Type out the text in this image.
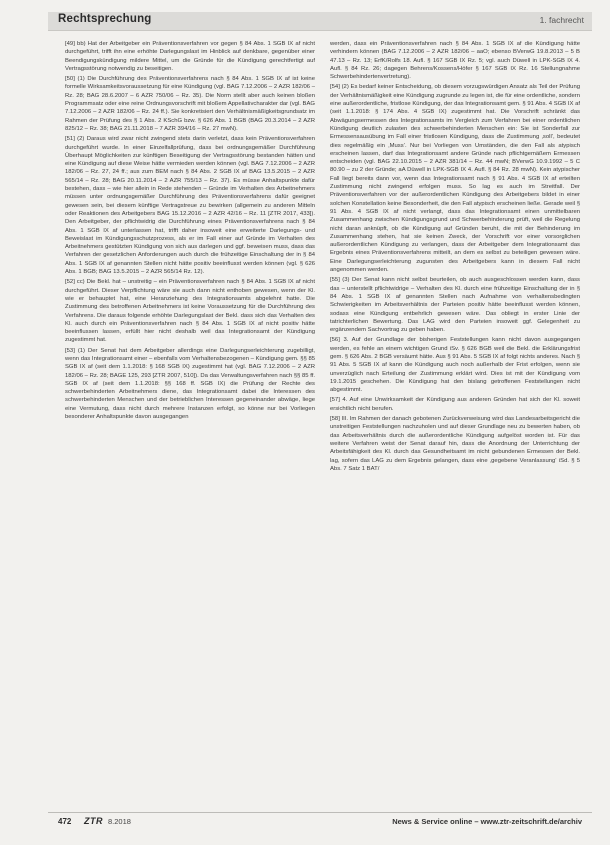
Rechtsprechung	1. fachrecht

[49] bb) Hat der Arbeitgeber ein Präventionsverfahren vor gegen § 84 Abs. 1 SGB IX af nicht durchgeführt, trifft ihn eine erhöhte Darlegungslast im Hinblick auf denkbare, gegenüber einer Beendigungskündigung mildere Mittel, um die Gründe für die Kündigung gerechtfertigt auf Vertragsstörung notwendig zu beseitigen.

[50] (1) Die Durchführung des Präventionsverfahrens nach § 84 Abs. 1 SGB IX af ist keine formelle Wirksamkeitsvoraussetzung für eine Kündigung (vgl. BAG 7.12.2006 – 2 AZR 182/06 – Rz. 28; BAG 28.6.2007 – 6 AZR 750/06 – Rz. 35). Die Norm stellt aber auch keinen bloßen Programmsatz oder eine reine Ordnungsvorschrift mit bloßem Appellativcharakter dar (vgl. BAG 7.12.2006 – 2 AZR 182/06 – Rz. 24 ff.). Sie konkretisiert den Verhältnismäßigkeitsgrundsatz im Rahmen der Prüfung des § 1 Abs. 2 KSchG bzw. § 626 Abs. 1 BGB (BAG 20.3.2014 – 2 AZR 825/12 – Rz. 38; BAG 21.11.2018 – 7 AZR 394/16 – Rz. 27 mwN).

[51] (2) Daraus wird zwar nicht zwingend stets darin verletzt, dass kein Präventionsverfahren durchgeführt wurde. In einer Einzelfallprüfung, dass bei ordnungsgemäßer Durchführung Überhaupt Möglichkeiten zur künftigen Beseitigung der Vertragsstörung bestanden hätten und eine Kündigung auf diese Weise hätte vermieden werden können (vgl. BAG 7.12.2006 – 2 AZR 182/06 – Rz. 27, 24 ff.; aus zum BEM nach § 84 Abs. 2 SGB IX af BAG 13.5.2015 – 2 AZR 565/14 – Rz. 28; BAG 20.11.2014 – 2 AZR 755/13 – Rz. 37). Es müsse Anhaltspunkte dafür bestehen, dass – wie hier allein in Rede stehenden – Gründe im Verhalten des Arbeitnehmers müssen unter ordnungsgemäßer Durchführung des Präventionsverfahrens dafür geeignet gewesen sein, bei diesem künftige Vertragstreue zu bewirken (allgemein zu anderen Mitteln oder Reaktionen des Arbeitgebers BAG 15.12.2016 – 2 AZR 42/16 – Rz. 11 [ZTR 2017, 433]). Den Arbeitgeber, der pflichtwidrig die Durchführung eines Präventionsverfahrens nach § 84 Abs. 1 SGB IX af unterlassen hat, trifft daher insoweit eine erweiterte Darlegungs- und Beweislast im Kündigungsschutzprozess, als er im Fall einer auf Gründe im Verhalten des Arbeitnehmers gestützten Kündigung von sich aus darlegen und ggf. beweisen muss, dass das Verfahren der gesetzlichen Anforderungen auch durch die frühzeitige Einschaltung der in § 84 Abs. 1 SGB IX af genannten Stellen nicht hätte positiv beeinflusst werden können (vgl. § 626 Abs. 1 BGB; BAG 13.5.2015 – 2 AZR 565/14 Rz. 12).

[52] cc) Die Bekl. hat – unstreitig – ein Präventionsverfahren nach § 84 Abs. 1 SGB IX af nicht durchgeführt. Dieser Verpflichtung wäre sie auch dann nicht enthoben gewesen, wenn der Kl. wie er behauptet hat, eine Heranziehung des Integrationsamts abgelehnt hatte. Die Zustimmung des betroffenen Arbeitnehmers ist keine Voraussetzung für die Durchführung des Verfahrens. Die daraus folgende erhöhte Darlegungslast der Bekl. dass sich das Verhalten des Kl. auch durch ein Präventionsverfahren nach § 84 Abs. 1 SGB IX af nicht positiv hätte beeinflussen lassen, erfüllt hier nicht deshalb weil das Integrationsamt der Kündigung zugestimmt hat.

[53] (1) Der Senat hat dem Arbeitgeber allerdings eine Darlegungserleichterung zugebilligt, wenn das Integrationsamt einer – ebenfalls vom Verhaltensbezogenen – Kündigung gem. §§ 85 SGB IX af (seit dem 1.1.2018: § 168 SGB IX) zugestimmt hat (vgl. BAG 7.12.2006 – 2 AZR 182/06 – Rz. 28; BAGE 125, 293 [ZTR 2007, 510]). Da das Verwaltungsverfahren nach §§ 85 ff. SGB IX af (seit dem 1.1.2018: §§ 168 ff. SGB IX) die Prüfung der Rechte des schwerbehinderten Arbeitnehmers diene, das Integrationsamt dabei die Interessen des schwerbehinderten Menschen und der betrieblichen Interessen gegeneinander abwäge, liege eine Vermutung, dass nicht durch mehrere Instanzen erfolgt, so könne nur bei Vorliegen besonderer Anhaltspunkte davon ausgegangen

werden, dass ein Präventionsverfahren nach § 84 Abs. 1 SGB IX af die Kündigung hätte verhindern können (BAG 7.12.2006 – 2 AZR 182/06 – aaO; ebenso BVerwG 19.8.2013 – 5 B 47.13 – Rz. 13; ErfK/Rolfs 18. Aufl. § 167 SGB IX Rz. 5; vgl. auch Düwell in LPK-SGB IX 4. Aufl. § 84 Rz. 26; dagegen Behrens/Kossens/Höfer § 167 SGB IX Rz. 16 Stellungnahme Schwerbehindertenvertretung).

[54] (2) Es bedarf keiner Entscheidung, ob diesem vorzugswürdigen Ansatz als Teil der Prüfung der Verhältnismäßigkeit eine Kündigung zugrunde zu legen ist, die für eine ordentliche, sondern eine außerordentliche, fristlose Kündigung, der das Integrationsamt gem. § 91 Abs. 4 SGB IX af (seit 1.1.2018: § 174 Abs. 4 SGB IX) zugestimmt hat. Die Vorschrift schränkt das Abwägungsermessen des Integrationsamts im Vergleich zum Verfahren bei einer ordentlichen Kündigung deutlich zulasten des schwerbehinderten Menschen ein: Sie ist Sonderfall zur Ermessensausübung im Fall einer fristlosen Kündigung, dass die Zustimmung ‚soll‘, bedeutet dies regelmäßig ein ‚Muss‘. Nur bei Vorliegen von Umständen, die den Fall als atypisch erscheinen lassen, darf das Integrationsamt andere Gründe nach pflichtgemäßem Ermessen entscheiden (vgl. BAG 22.10.2015 – 2 AZR 381/14 – Rz. 44 mwN; BVerwG 10.9.1992 – 5 C 80.90 – zu 2 der Gründe; aA Düwell in LPK-SGB IX 4. Aufl. § 84 Rz. 28 mwN). Kein atypischer Fall liegt bereits dann vor, wenn das Integrationsamt nach § 91 Abs. 4 SGB IX af erteilten Zustimmung nicht zwingend erfolgen muss. So lag es auch im Streitfall. Der Präventionsverfahren vor der außerordentlichen Kündigung des Arbeitgebers bildet in einer solchen Konstellation keine Besonderheit, die den Fall atypisch erscheinen ließe. Gerade weil § 91 Abs. 4 SGB IX af nicht verlangt, dass das Integrationsamt einen unmittelbaren Zusammenhang zwischen Kündigungsgrund und Schwerbehinderung prüft, weil die Regelung nicht daran anknüpft, ob die Kündigung auf Gründen beruht, die mit der Behinderung im Zusammenhang stehen, hat sie keinen Zweck, der Vorschrift vor einer vorsorglichen außerordentlichen Kündigung zu verlangen, dass der Arbeitgeber dem Integrationsamt das Ergebnis eines Präventionsverfahrens mitteilt, an dem es selbst zu beteiligen gewesen wäre. Eine Darlegungserleichterung zugunsten des Arbeitgebers kann in diesem Fall nicht angenommen werden.

[55] (3) Der Senat kann nicht selbst beurteilen, ob auch ausgeschlossen werden kann, dass das – unterstellt pflichtwidrige – Verhalten des Kl. durch eine frühzeitige Einschaltung der in § 84 Abs. 1 SGB IX af genannten Stellen nach Aufnahme von verhaltensbedingten Schwierigkeiten im Arbeitsverhältnis der Parteien positiv hätte beeinflusst werden können, sodass eine Kündigung entbehrlich gewesen wäre. Das obliegt in erster Linie der tatrichterlichen Bewertung. Das LAG wird den Parteien insoweit ggf. Gelegenheit zu ergänzendem Sachvortrag zu geben haben.

[56] 3. Auf der Grundlage der bisherigen Feststellungen kann nicht davon ausgegangen werden, es fehle an einem wichtigen Grund iSv. § 626 BGB weil die Bekl. die Erklärungsfrist gem. § 626 Abs. 2 BGB versäumt hätte. Aus § 91 Abs. 5 SGB IX af folgt nichts anderes. Nach § 91 Abs. 5 SGB IX af kann die Kündigung auch noch außerhalb der Frist erfolgen, wenn sie unverzüglich nach Erteilung der Zustimmung erklärt wird. Dies ist mit der Kündigung vom 19.1.2015 geschehen. Die Kündigung hat den bislang getroffenen Feststellungen nicht abgestimmt.

[57] 4. Auf eine Unwirksamkeit der Kündigung aus anderen Gründen hat sich der Kl. soweit ersichtlich nicht berufen.

[58] III. Im Rahmen der danach gebotenen Zurückverweisung wird das Landesarbeitsgericht die unstreitigen Feststellungen nachzuholen und auf dieser Grundlage neu zu bewerten haben, ob das Arbeitsverhältnis durch die außerordentliche Kündigung aufgelöst worden ist. Für das weitere Verfahren weist der Senat darauf hin, dass die Anordnung der Unterrichtung der Arbeitsfähigkeit des Kl. durch das Gesundheitsamt im nicht gebundenen Ermessen der Bekl. lag, sofern das LAG zu dem Ergebnis gelangen, dass eine ‚gegebene Veranlassung‘ iSd. § 5 Abs. 7 Satz 1 BAT/

472 ZTR 8.2018	News & Service online – www.ztr-zeitschrift.de/archiv
